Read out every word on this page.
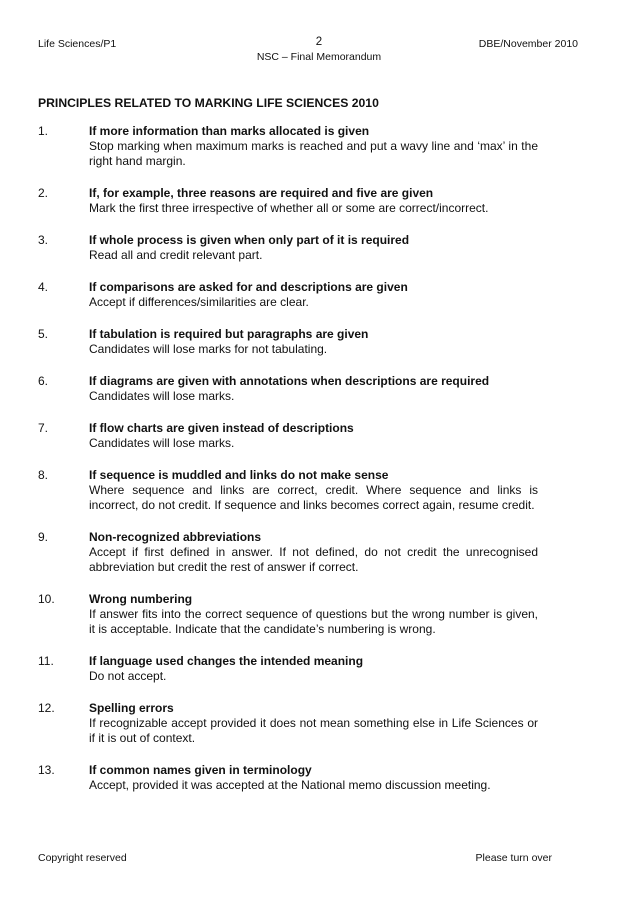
Life Sciences/P1	2
NSC – Final Memorandum
DBE/November 2010
PRINCIPLES RELATED TO MARKING LIFE SCIENCES 2010
1.	If more information than marks allocated is given
Stop marking when maximum marks is reached and put a wavy line and ‘max’ in the right hand margin.
2.	If, for example, three reasons are required and five are given
Mark the first three irrespective of whether all or some are correct/incorrect.
3.	If whole process is given when only part of it is required
Read all and credit relevant part.
4.	If comparisons are asked for and descriptions are given
Accept if differences/similarities are clear.
5.	If tabulation is required but paragraphs are given
Candidates will lose marks for not tabulating.
6.	If diagrams are given with annotations when descriptions are required
Candidates will lose marks.
7.	If flow charts are given instead of descriptions
Candidates will lose marks.
8.	If sequence is muddled and links do not make sense
Where sequence and links are correct, credit. Where sequence and links is incorrect, do not credit. If sequence and links becomes correct again, resume credit.
9.	Non-recognized abbreviations
Accept if first defined in answer. If not defined, do not credit the unrecognised abbreviation but credit the rest of answer if correct.
10.	Wrong numbering
If answer fits into the correct sequence of questions but the wrong number is given, it is acceptable. Indicate that the candidate’s numbering is wrong.
11.	If language used changes the intended meaning
Do not accept.
12.	Spelling errors
If recognizable accept provided it does not mean something else in Life Sciences or if it is out of context.
13.	If common names given in terminology
Accept, provided it was accepted at the National memo discussion meeting.
Copyright reserved	Please turn over
